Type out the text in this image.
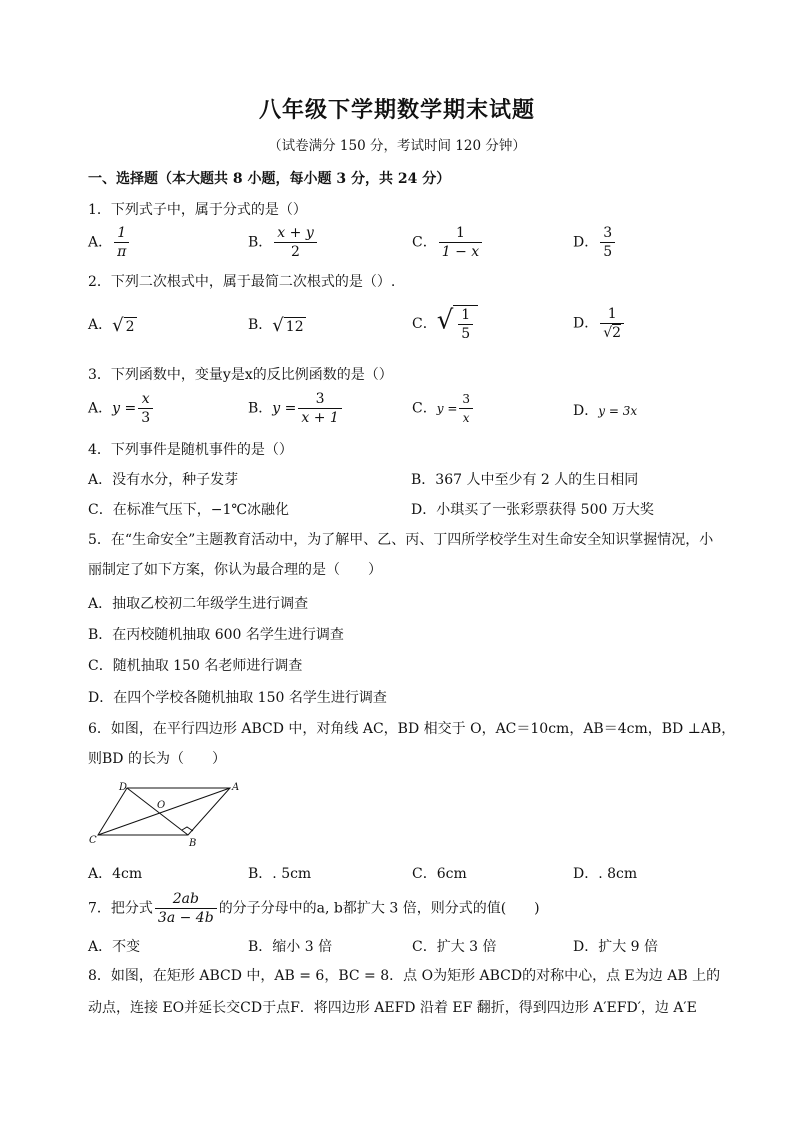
八年级下学期数学期末试题
（试卷满分 150 分，考试时间 120 分钟）
一、选择题（本大题共 8 小题，每小题 3 分，共 24 分）
1．下列式子中，属于分式的是（）
A． $\frac{1}{\pi}$	B． $\frac{x + y}{2}$	C． $\frac{1}{1 - x}$	D． $\frac{3}{5}$
2．下列二次根式中，属于最简二次根式的是（）.
A．√ 2	B．√ 12	C．√ $\frac{1}{5}$	D． $\frac{1}{√2}$
3．下列函数中，变量y是x的反比例函数的是（）
A．$y = \frac{x}{3}$	B．$y = \frac{3}{x + 1}$	C．$y = \frac{3}{x}$	D．y = 3x
4．下列事件是随机事件的是（）
A．没有水分，种子发芽	B．367 人中至少有 2 人的生日相同
C．在标准气压下，−1℃冰融化	D．小琪买了一张彩票获得 500 万大奖
5．在“生命安全”主题教育活动中，为了解甲、乙、丙、丁四所学校学生对生命安全知识掌握情况，小
丽制定了如下方案，你认为最合理的是（　　）
A．抽取乙校初二年级学生进行调查
B．在丙校随机抽取 600 名学生进行调查
C．随机抽取 150 名老师进行调查
D．在四个学校各随机抽取 150 名学生进行调查
6．如图，在平行四边形 ABCD 中，对角线 AC，BD 相交于 O，AC＝10cm，AB＝4cm，BD ⊥AB，
则BD 的长为（　　）
D	A
O
C	B
A．4cm	B．. 5cm	C．6cm	D．. 8cm
7．把分式 $\frac{2ab}{3a - 4b}$ 的分子分母中的a, b都扩大 3 倍，则分式的值(　　)
A．不变	B．缩小 3 倍	C．扩大 3 倍	D．扩大 9 倍
8．如图，在矩形 ABCD 中，AB = 6，BC = 8．点 O为矩形 ABCD的对称中心，点 E为边 AB 上的
动点，连接 EO并延长交CD于点F．将四边形 AEFD 沿着 EF 翻折，得到四边形 A′EFD′，边 A′E
